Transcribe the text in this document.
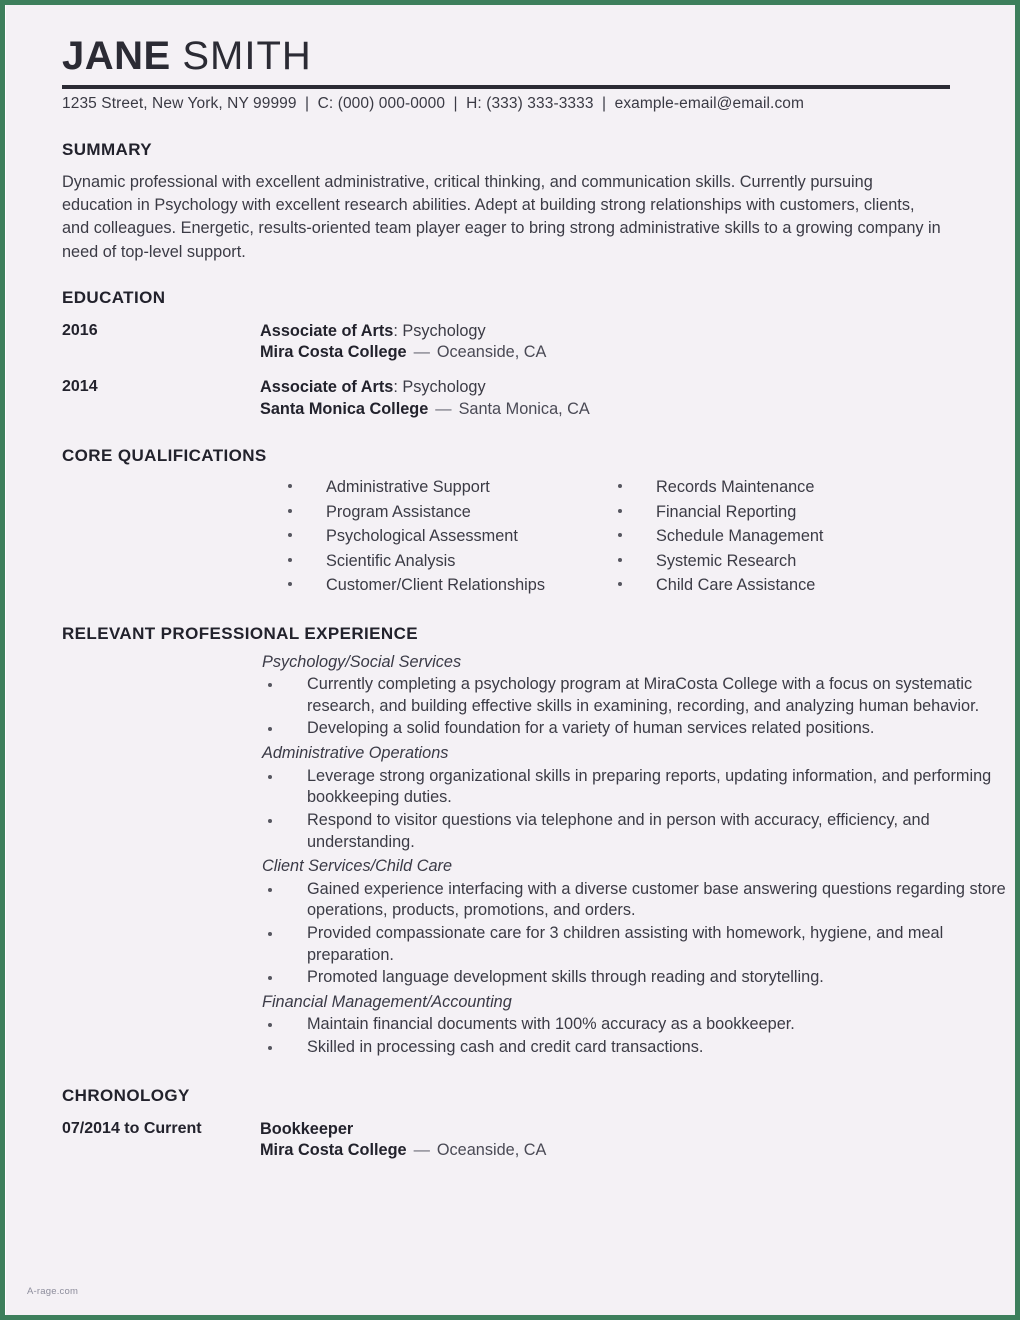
JANE SMITH
1235 Street, New York, NY 99999 | C: (000) 000-0000 | H: (333) 333-3333 | example-email@email.com
SUMMARY
Dynamic professional with excellent administrative, critical thinking, and communication skills. Currently pursuing education in Psychology with excellent research abilities. Adept at building strong relationships with customers, clients, and colleagues. Energetic, results-oriented team player eager to bring strong administrative skills to a growing company in need of top-level support.
EDUCATION
2016	Associate of Arts: Psychology
Mira Costa College — Oceanside, CA
2014	Associate of Arts: Psychology
Santa Monica College — Santa Monica, CA
CORE QUALIFICATIONS
Administrative Support
Program Assistance
Psychological Assessment
Scientific Analysis
Customer/Client Relationships
Records Maintenance
Financial Reporting
Schedule Management
Systemic Research
Child Care Assistance
RELEVANT PROFESSIONAL EXPERIENCE
Psychology/Social Services
Currently completing a psychology program at MiraCosta College with a focus on systematic research, and building effective skills in examining, recording, and analyzing human behavior.
Developing a solid foundation for a variety of human services related positions.
Administrative Operations
Leverage strong organizational skills in preparing reports, updating information, and performing bookkeeping duties.
Respond to visitor questions via telephone and in person with accuracy, efficiency, and understanding.
Client Services/Child Care
Gained experience interfacing with a diverse customer base answering questions regarding store operations, products, promotions, and orders.
Provided compassionate care for 3 children assisting with homework, hygiene, and meal preparation.
Promoted language development skills through reading and storytelling.
Financial Management/Accounting
Maintain financial documents with 100% accuracy as a bookkeeper.
Skilled in processing cash and credit card transactions.
CHRONOLOGY
07/2014 to Current	Bookkeeper
Mira Costa College — Oceanside, CA
A-rage.com
